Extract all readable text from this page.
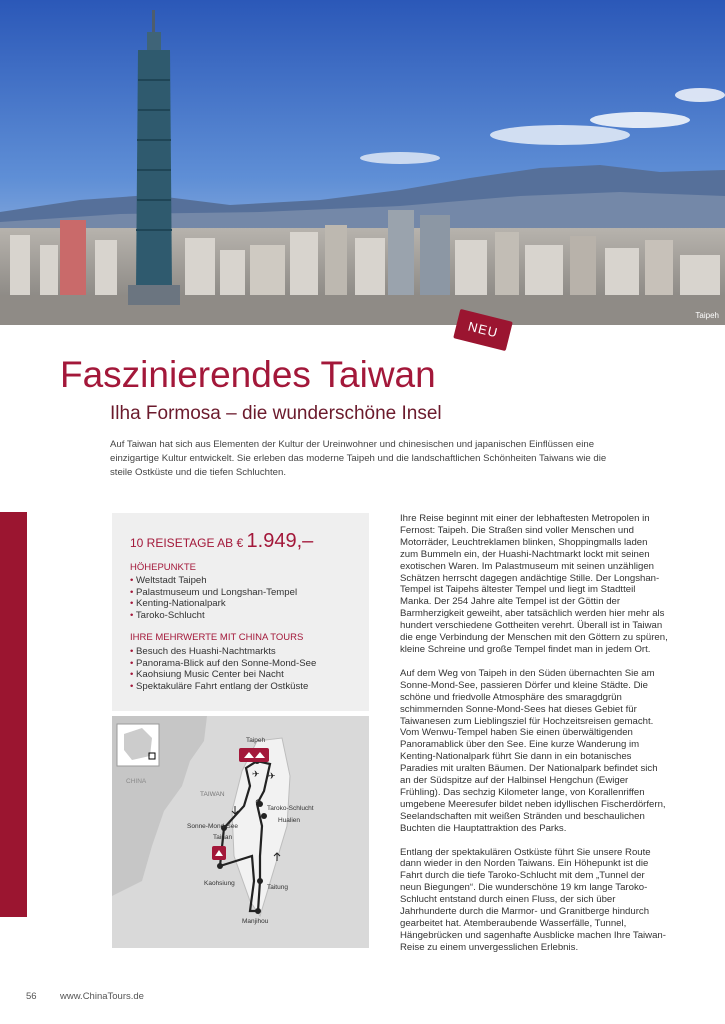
Taipeh
NEU
Faszinierendes Taiwan
Ilha Formosa – die wunderschöne Insel

Auf Taiwan hat sich aus Elementen der Kultur der Ureinwohner und chinesischen und japanischen Einflüssen eine einzigartige Kultur entwickelt. Sie erleben das moderne Taipeh und die landschaftlichen Schönheiten Taiwans wie die steile Ostküste und die tiefen Schluchten.

10 REISETAGE AB € 1.949,–
HÖHEPUNKTE
• Weltstadt Taipeh
• Palastmuseum und Longshan-Tempel
• Kenting-Nationalpark
• Taroko-Schlucht
IHRE MEHRWERTE MIT CHINA TOURS
• Besuch des Huashi-Nachtmarkts
• Panorama-Blick auf den Sonne-Mond-See
• Kaohsiung Music Center bei Nacht
• Spektakuläre Fahrt entlang der Ostküste
✈ ✈
⚲
Taipeh
CHINA
TAIWAN
Taroko-Schlucht
Hualien
Sonne-Mond-See
Tainan
Kaohsiung
Taitung
Manjihou

Ihre Reise beginnt mit einer der lebhaftesten Metropolen in Fernost: Taipeh. Die Straßen sind voller Menschen und Motorräder, Leuchtreklamen blinken, Shoppingmalls laden zum Bummeln ein, der Huashi-Nachtmarkt lockt mit seinen exotischen Waren. Im Palastmuseum mit seinen unzähligen Schätzen herrscht dagegen andächtige Stille. Der Longshan-Tempel ist Taipehs ältester Tempel und liegt im Stadtteil Manka. Der 254 Jahre alte Tempel ist der Göttin der Barmherzigkeit geweiht, aber tatsächlich werden hier mehr als hundert verschiedene Gottheiten verehrt. Überall ist in Taiwan die enge Verbindung der Menschen mit den Göttern zu spüren, kleine Schreine und große Tempel findet man in jedem Ort.

Auf dem Weg von Taipeh in den Süden übernachten Sie am Sonne-Mond-See, passieren Dörfer und kleine Städte. Die schöne und friedvolle Atmosphäre des smaragdgrün schimmernden Sonne-Mond-Sees hat dieses Gebiet für Taiwanesen zum Lieblingsziel für Hochzeitsreisen gemacht. Vom Wenwu-Tempel haben Sie einen überwältigenden Panoramablick über den See. Eine kurze Wanderung im Kenting-Nationalpark führt Sie dann in ein botanisches Paradies mit uralten Bäumen. Der Nationalpark befindet sich an der Südspitze auf der Halbinsel Hengchun (Ewiger Frühling). Das sechzig Kilometer lange, von Korallenriffen umgebene Meeresufer bildet neben idyllischen Fischerdörfern, Seelandschaften mit weißen Stränden und beschaulichen Buchten die Hauptattraktion des Parks.

Entlang der spektakulären Ostküste führt Sie unsere Route dann wieder in den Norden Taiwans. Ein Höhepunkt ist die Fahrt durch die tiefe Taroko-Schlucht mit dem „Tunnel der neun Biegungen“. Die wunderschöne 19 km lange Taroko-Schlucht entstand durch einen Fluss, der sich über Jahrhunderte durch die Marmor- und Granitberge hindurch gearbeitet hat. Atemberaubende Wasserfälle, Tunnel, Hängebrücken und sagenhafte Ausblicke machen Ihre Taiwan-Reise zu einem unvergesslichen Erlebnis.

56 www.ChinaTours.de
